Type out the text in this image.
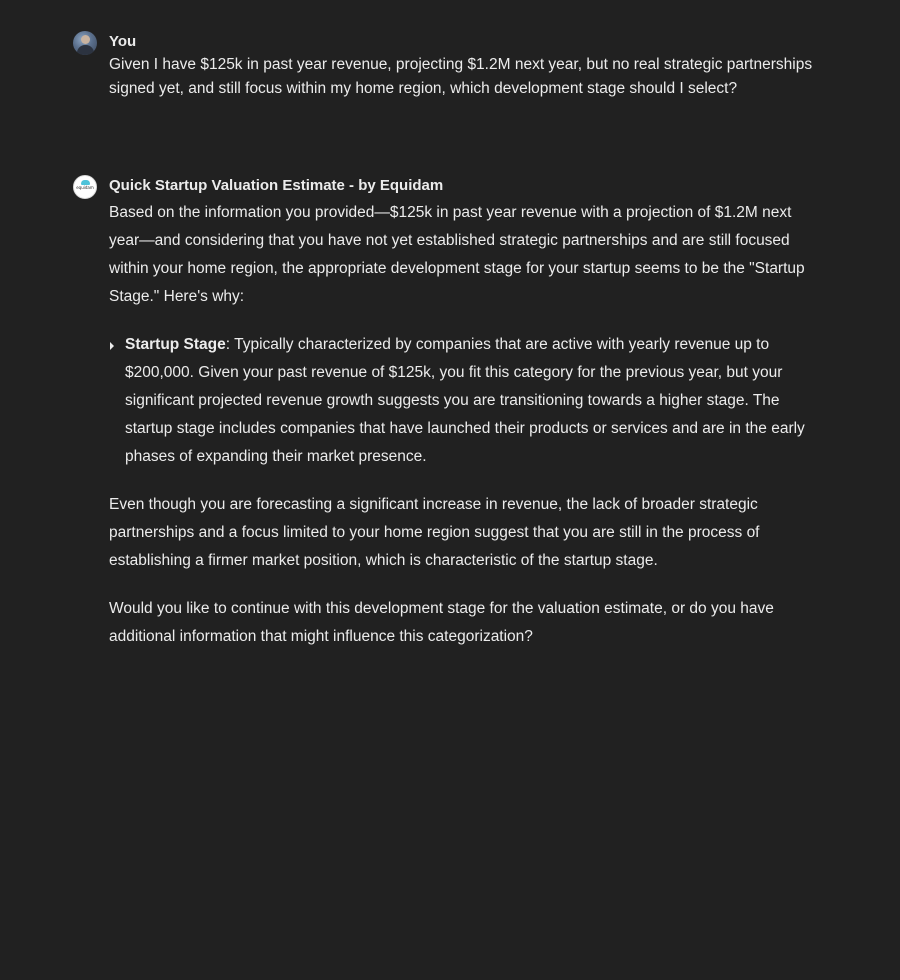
You

Given I have $125k in past year revenue, projecting $1.2M next year, but no real strategic partnerships signed yet, and still focus within my home region, which development stage should I select?

equidam Quick Startup Valuation Estimate - by Equidam

Based on the information you provided—$125k in past year revenue with a projection of $1.2M next year—and considering that you have not yet established strategic partnerships and are still focused within your home region, the appropriate development stage for your startup seems to be the "Startup Stage." Here's why:

Startup Stage: Typically characterized by companies that are active with yearly revenue up to $200,000. Given your past revenue of $125k, you fit this category for the previous year, but your significant projected revenue growth suggests you are transitioning towards a higher stage. The startup stage includes companies that have launched their products or services and are in the early phases of expanding their market presence.

Even though you are forecasting a significant increase in revenue, the lack of broader strategic partnerships and a focus limited to your home region suggest that you are still in the process of establishing a firmer market position, which is characteristic of the startup stage.

Would you like to continue with this development stage for the valuation estimate, or do you have additional information that might influence this categorization?
